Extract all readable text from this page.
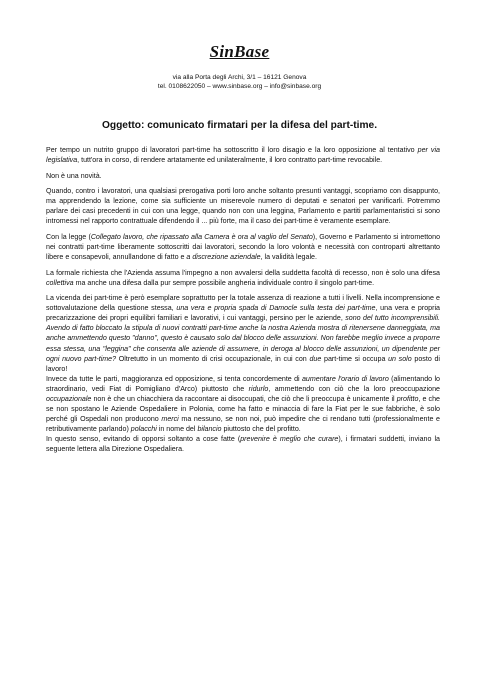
SinBase
via alla Porta degli Archi, 3/1 – 16121 Genova
tel. 0108622050 – www.sinbase.org – info@sinbase.org
Oggetto: comunicato firmatari per la difesa del part-time.

Per tempo un nutrito gruppo di lavoratori part-time ha sottoscritto il loro disagio e la loro opposizione al tentativo per via legislativa, tutt'ora in corso, di rendere artatamente ed unilateralmente, il loro contratto part-time revocabile.

Non è una novità.

Quando, contro i lavoratori, una qualsiasi prerogativa porti loro anche soltanto presunti vantaggi, scopriamo con disappunto, ma apprendendo la lezione, come sia sufficiente un miserevole numero di deputati e senatori per vanificarli. Potremmo parlare dei casi precedenti in cui con una legge, quando non con una leggina, Parlamento e partiti parlamentaristici si sono intromessi nel rapporto contrattuale difendendo il ... più forte, ma il caso dei part-time è veramente esemplare.

Con la legge (Collegato lavoro, che ripassato alla Camera è ora al vaglio del Senato), Governo e Parlamento si intromettono nei contratti part-time liberamente sottoscritti dai lavoratori, secondo la loro volontà e necessità con controparti altrettanto libere e consapevoli, annullandone di fatto e a discrezione aziendale, la validità legale.

La formale richiesta che l'Azienda assuma l'impegno a non avvalersi della suddetta facoltà di recesso, non è solo una difesa collettiva ma anche una difesa dalla pur sempre possibile angheria individuale contro il singolo part-time.

La vicenda dei part-time è però esemplare soprattutto per la totale assenza di reazione a tutti i livelli. Nella incomprensione e sottovalutazione della questione stessa, una vera e propria spada di Damocle sulla testa dei part-time, una vera e propria precarizzazione dei propri equilibri familiari e lavorativi, i cui vantaggi, persino per le aziende, sono del tutto incomprensibili. Avendo di fatto bloccato la stipula di nuovi contratti part-time anche la nostra Azienda mostra di ritenersene danneggiata, ma anche ammettendo questo "danno", questo è causato solo dal blocco delle assunzioni. Non farebbe meglio invece a proporre essa stessa, una "leggina" che consenta alle aziende di assumere, in deroga al blocco delle assunzioni, un dipendente per ogni nuovo part-time? Oltretutto in un momento di crisi occupazionale, in cui con due part-time si occupa un solo posto di lavoro!

Invece da tutte le parti, maggioranza ed opposizione, si tenta concordemente di aumentare l'orario di lavoro (alimentando lo straordinario, vedi Fiat di Pomigliano d'Arco) piuttosto che ridurlo, ammettendo con ciò che la loro preoccupazione occupazionale non è che un chiacchiera da raccontare ai disoccupati, che ciò che li preoccupa è unicamente il profitto, e che se non spostano le Aziende Ospedaliere in Polonia, come ha fatto e minaccia di fare la Fiat per le sue fabbriche, è solo perché gli Ospedali non producono merci ma nessuno, se non noi, può impedire che ci rendano tutti (professionalmente e retributivamente parlando) polacchi in nome del bilancio piuttosto che del profitto.

In questo senso, evitando di opporsi soltanto a cose fatte (prevenire è meglio che curare), i firmatari suddetti, inviano la seguente lettera alla Direzione Ospedaliera.
